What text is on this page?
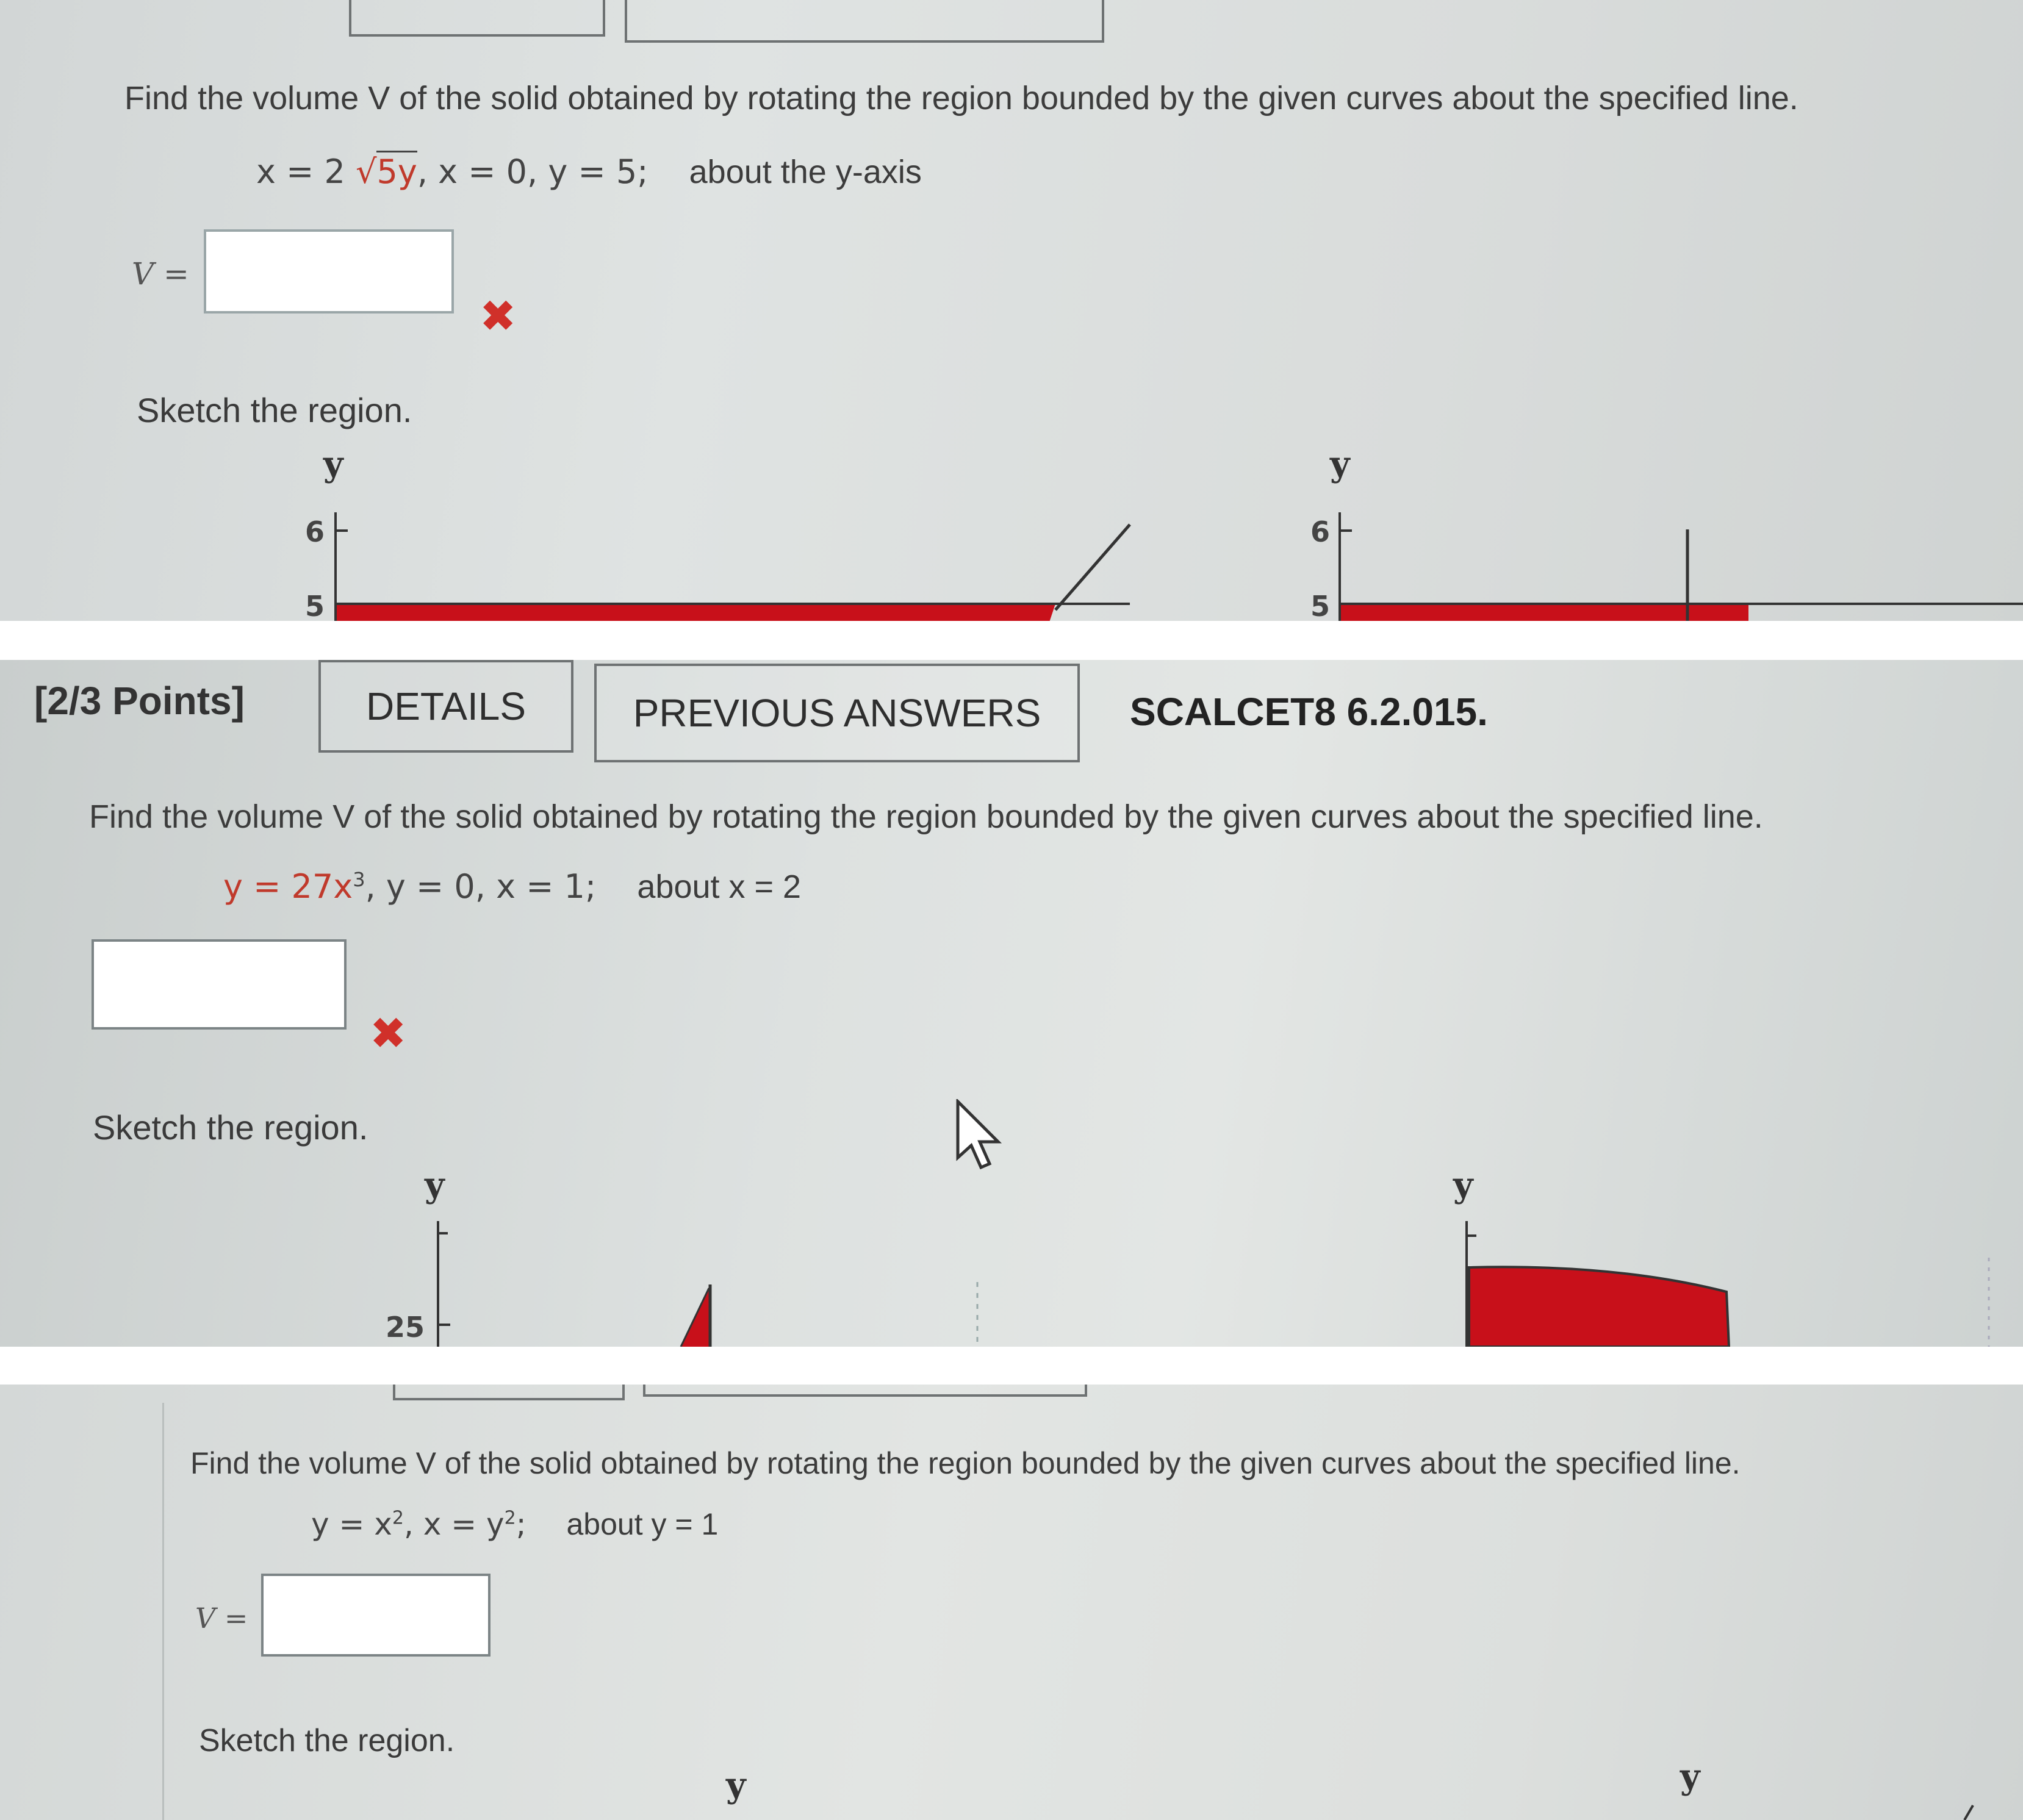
Find the volume V of the solid obtained by rotating the region bounded by the given curves about the specified line.
x = 2 √5y, x = 0, y = 5; about the y-axis
V =
✖
Sketch the region.
y
6
5
y
6
5
[2/3 Points]	DETAILS	PREVIOUS ANSWERS	SCALCET8 6.2.015.
Find the volume V of the solid obtained by rotating the region bounded by the given curves about the specified line.
$y = 27x^3$, y = 0, x = 1; about x = 2
✖
Sketch the region.
y
25
y
Find the volume V of the solid obtained by rotating the region bounded by the given curves about the specified line.
$y = x^2$, $x = y^2$; about y = 1
V =
Sketch the region.
y	y
